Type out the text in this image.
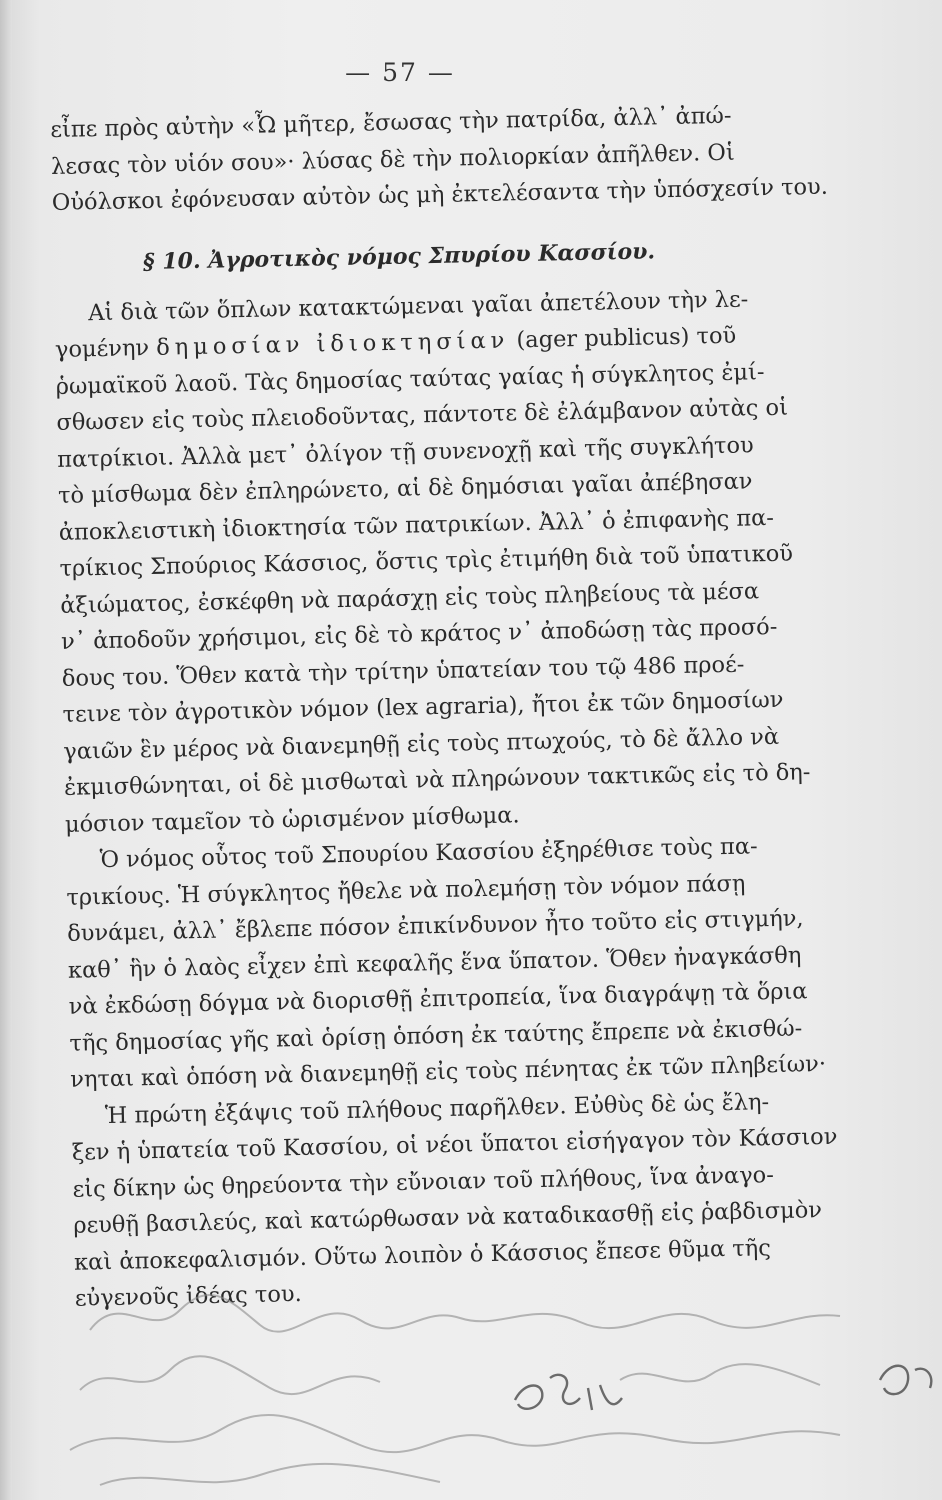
— 57 —
εἶπε πρὸς αὐτὴν «Ὦ μῆτερ, ἔσωσας τὴν πατρίδα, ἀλλ᾽ ἀπώ-
λεσας τὸν υἱόν σου»· λύσας δὲ τὴν πολιορκίαν ἀπῆλθεν. Οἱ
Οὐόλσκοι ἐφόνευσαν αὐτὸν ὡς μὴ ἐκτελέσαντα τὴν ὑπόσχεσίν του.
§ 10. Ἀγροτικὸς νόμος Σπυρίου Κασσίου.
Αἱ διὰ τῶν ὅπλων κατακτώμεναι γαῖαι ἀπετέλουν τὴν λε-
γομένην δημοσίαν ἰδιοκτησίαν (ager publicus) τοῦ
ῥωμαϊκοῦ λαοῦ. Τὰς δημοσίας ταύτας γαίας ἡ σύγκλητος ἐμί-
σθωσεν εἰς τοὺς πλειοδοῦντας, πάντοτε δὲ ἐλάμβανον αὐτὰς οἱ
πατρίκιοι. Ἀλλὰ μετ᾽ ὀλίγον τῇ συνενοχῇ καὶ τῆς συγκλήτου
τὸ μίσθωμα δὲν ἐπληρώνετο, αἱ δὲ δημόσιαι γαῖαι ἀπέβησαν
ἀποκλειστικὴ ἰδιοκτησία τῶν πατρικίων. Ἀλλ᾽ ὁ ἐπιφανὴς πα-
τρίκιος Σπούριος Κάσσιος, ὅστις τρὶς ἐτιμήθη διὰ τοῦ ὑπατικοῦ
ἀξιώματος, ἐσκέφθη νὰ παράσχῃ εἰς τοὺς πληβείους τὰ μέσα
ν᾽ ἀποδοῦν χρήσιμοι, εἰς δὲ τὸ κράτος ν᾽ ἀποδώσῃ τὰς προσό-
δους του. Ὅθεν κατὰ τὴν τρίτην ὑπατείαν του τῷ 486 προέ-
τεινε τὸν ἀγροτικὸν νόμον (lex agraria), ἤτοι ἐκ τῶν δημοσίων
γαιῶν ἓν μέρος νὰ διανεμηθῇ εἰς τοὺς πτωχούς, τὸ δὲ ἄλλο νὰ
ἐκμισθώνηται, οἱ δὲ μισθωταὶ νὰ πληρώνουν τακτικῶς εἰς τὸ δη-
μόσιον ταμεῖον τὸ ὡρισμένον μίσθωμα.
Ὁ νόμος οὗτος τοῦ Σπουρίου Κασσίου ἐξηρέθισε τοὺς πα-
τρικίους. Ἡ σύγκλητος ἤθελε νὰ πολεμήσῃ τὸν νόμον πάσῃ
δυνάμει, ἀλλ᾽ ἔβλεπε πόσον ἐπικίνδυνον ἦτο τοῦτο εἰς στιγμήν,
καθ᾽ ἣν ὁ λαὸς εἶχεν ἐπὶ κεφαλῆς ἕνα ὕπατον. Ὅθεν ἠναγκάσθη
νὰ ἐκδώσῃ δόγμα νὰ διορισθῇ ἐπιτροπεία, ἵνα διαγράψῃ τὰ ὅρια
τῆς δημοσίας γῆς καὶ ὁρίσῃ ὁπόση ἐκ ταύτης ἔπρεπε νὰ ἐκισθώ-
νηται καὶ ὁπόση νὰ διανεμηθῇ εἰς τοὺς πένητας ἐκ τῶν πληβείων·
Ἡ πρώτη ἐξάψις τοῦ πλήθους παρῆλθεν. Εὐθὺς δὲ ὡς ἔλη-
ξεν ἡ ὑπατεία τοῦ Κασσίου, οἱ νέοι ὕπατοι εἰσήγαγον τὸν Κάσσιον
εἰς δίκην ὡς θηρεύοντα τὴν εὔνοιαν τοῦ πλήθους, ἵνα ἀναγο-
ρευθῇ βασιλεύς, καὶ κατώρθωσαν νὰ καταδικασθῇ εἰς ῥαβδισμὸν
καὶ ἀποκεφαλισμόν. Οὕτω λοιπὸν ὁ Κάσσιος ἔπεσε θῦμα τῆς
εὐγενοῦς ἰδέας του.
